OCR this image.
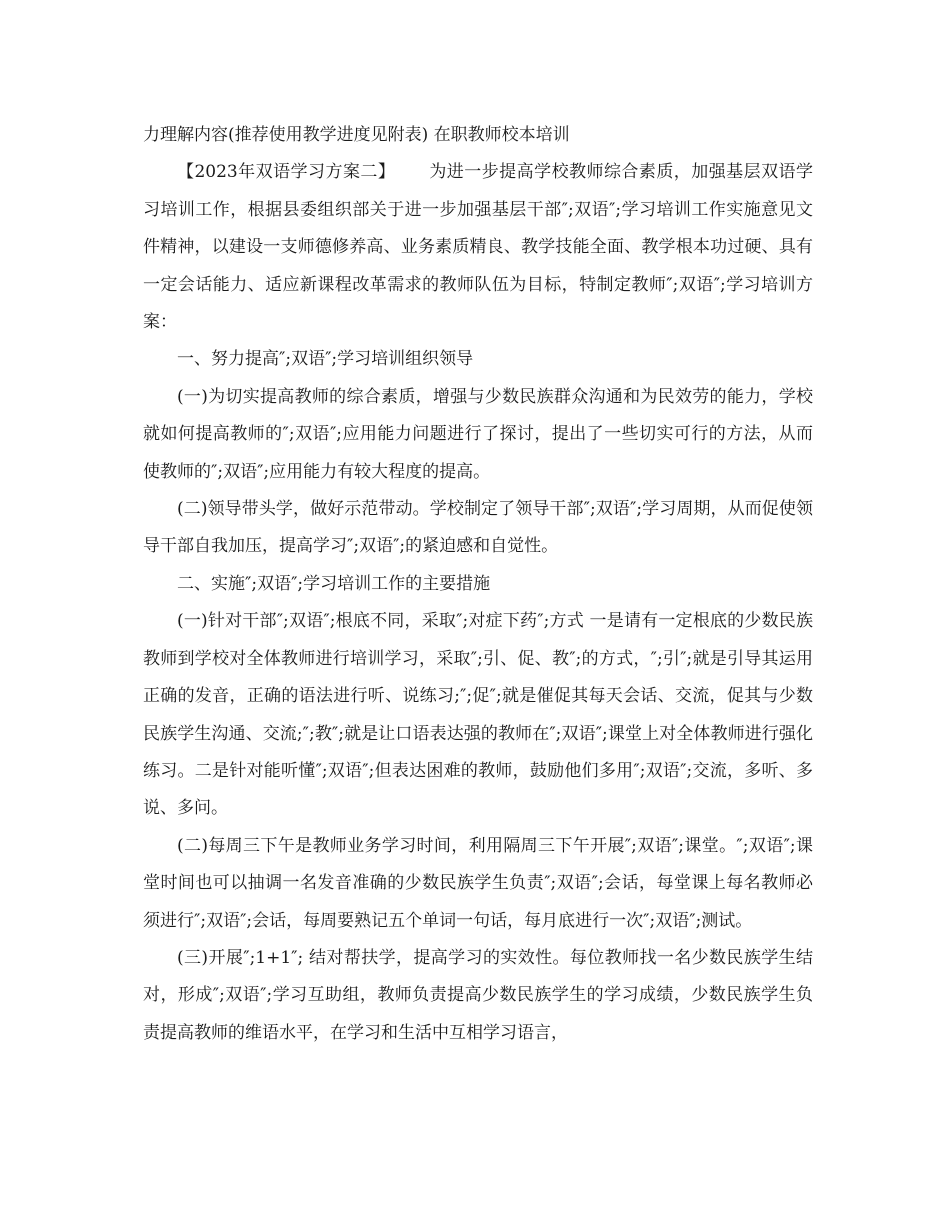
力理解内容(推荐使用教学进度见附表) 在职教师校本培训

【2023年双语学习方案二】 为进一步提高学校教师综合素质，加强基层双语学习培训工作，根据县委组织部关于进一步加强基层干部″;双语″;学习培训工作实施意见文件精神，以建设一支师德修养高、业务素质精良、教学技能全面、教学根本功过硬、具有一定会话能力、适应新课程改革需求的教师队伍为目标，特制定教师″;双语″;学习培训方案：

一、努力提高″;双语″;学习培训组织领导

(一)为切实提高教师的综合素质，增强与少数民族群众沟通和为民效劳的能力，学校就如何提高教师的″;双语″;应用能力问题进行了探讨，提出了一些切实可行的方法，从而使教师的″;双语″;应用能力有较大程度的提高。

(二)领导带头学，做好示范带动。学校制定了领导干部″;双语″;学习周期，从而促使领导干部自我加压，提高学习″;双语″;的紧迫感和自觉性。

二、实施″;双语″;学习培训工作的主要措施

(一)针对干部″;双语″;根底不同，采取″;对症下药″;方式 一是请有一定根底的少数民族教师到学校对全体教师进行培训学习，采取″;引、促、教″;的方式，″;引″;就是引导其运用正确的发音，正确的语法进行听、说练习;″;促″;就是催促其每天会话、交流，促其与少数民族学生沟通、交流;″;教″;就是让口语表达强的教师在″;双语″;课堂上对全体教师进行强化练习。二是针对能听懂″;双语″;但表达困难的教师，鼓励他们多用″;双语″;交流，多听、多说、多问。

(二)每周三下午是教师业务学习时间，利用隔周三下午开展″;双语″;课堂。″;双语″;课堂时间也可以抽调一名发音准确的少数民族学生负责″;双语″;会话，每堂课上每名教师必须进行″;双语″;会话，每周要熟记五个单词一句话，每月底进行一次″;双语″;测试。

(三)开展″;1+1″; 结对帮扶学，提高学习的实效性。每位教师找一名少数民族学生结对，形成″;双语″;学习互助组，教师负责提高少数民族学生的学习成绩，少数民族学生负责提高教师的维语水平，在学习和生活中互相学习语言，
